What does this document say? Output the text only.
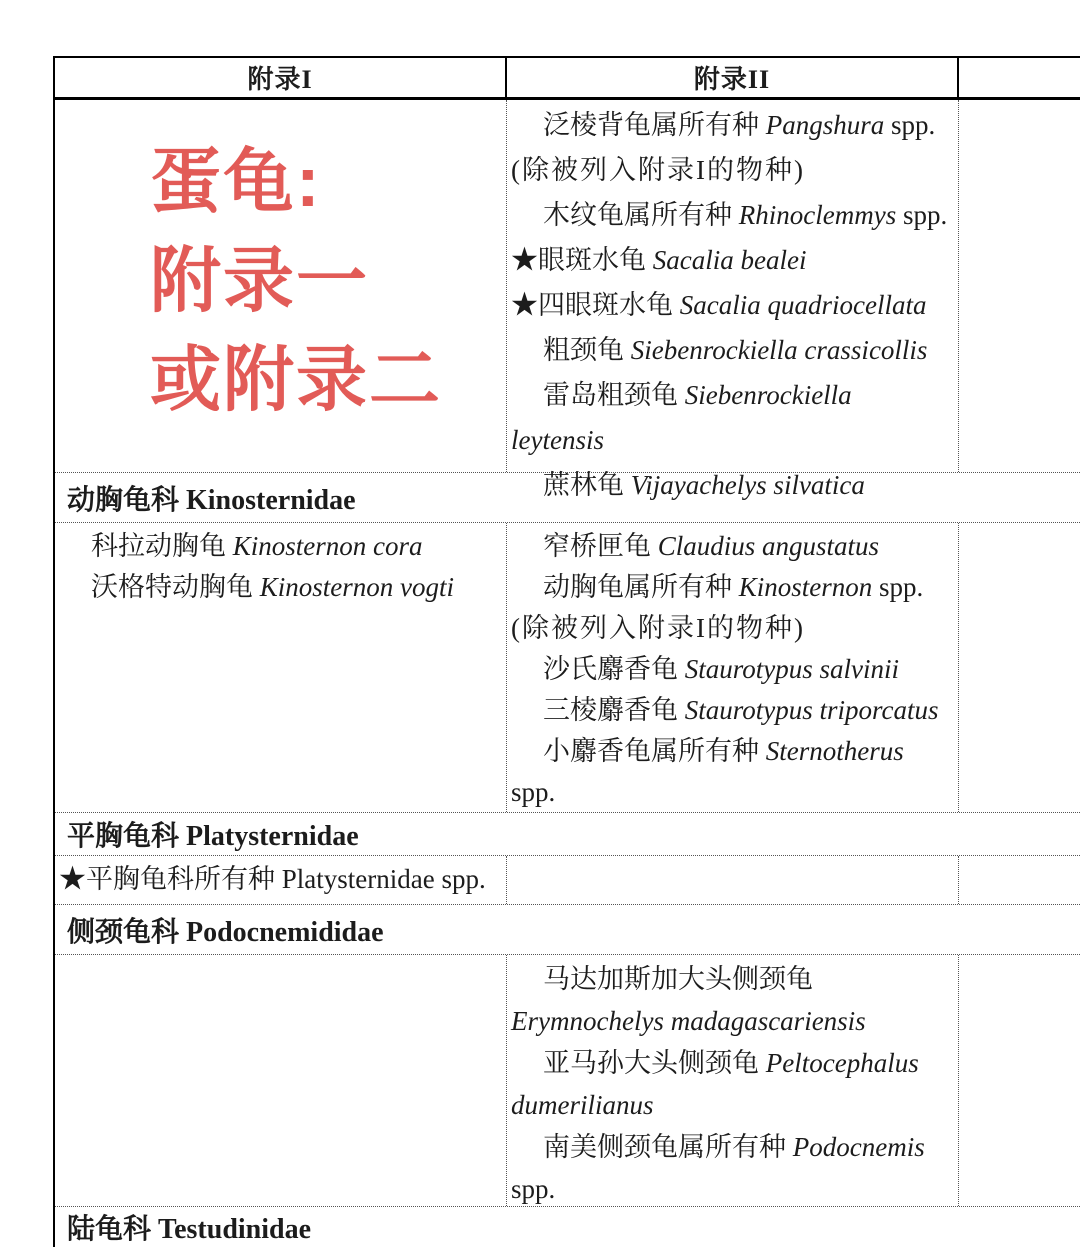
附录I	附录II
泛棱背龟属所有种 Pangshura spp.
(除被列入附录I的物种)
木纹龟属所有种 Rhinoclemmys spp.
★眼斑水龟 Sacalia bealei
★四眼斑水龟 Sacalia quadriocellata
粗颈龟 Siebenrockiella crassicollis
雷岛粗颈龟 Siebenrockiella
leytensis
蔗林龟 Vijayachelys silvatica
动胸龟科 Kinosternidae
科拉动胸龟 Kinosternon cora
沃格特动胸龟 Kinosternon vogti
窄桥匣龟 Claudius angustatus
动胸龟属所有种 Kinosternon spp.
(除被列入附录I的物种)
沙氏麝香龟 Staurotypus salvinii
三棱麝香龟 Staurotypus triporcatus
小麝香龟属所有种 Sternotherus
spp.
平胸龟科 Platysternidae
★平胸龟科所有种 Platysternidae spp.
侧颈龟科 Podocnemididae
马达加斯加大头侧颈龟
Erymnochelys madagascariensis
亚马孙大头侧颈龟 Peltocephalus
dumerilianus
南美侧颈龟属所有种 Podocnemis
spp.
陆龟科 Testudinidae
蛋龟:
附录一
或附录二
